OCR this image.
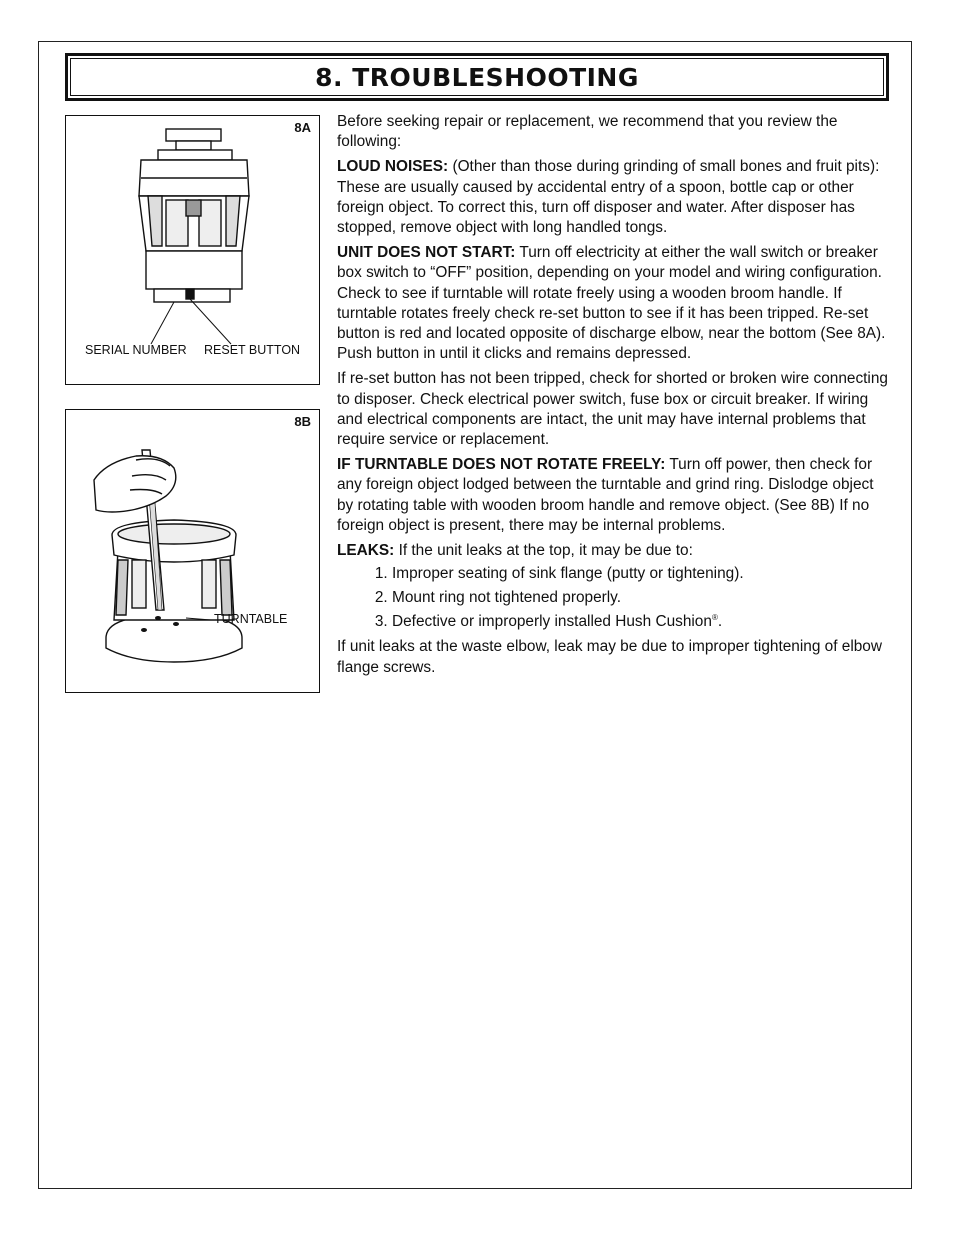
8. TROUBLESHOOTING
8A
SERIAL NUMBER RESET BUTTON
8B
TURNTABLE

Before seeking repair or replacement, we recommend that you review the following:

LOUD NOISES: (Other than those during grinding of small bones and fruit pits): These are usually caused by accidental entry of a spoon, bottle cap or other foreign object. To correct this, turn off disposer and water. After disposer has stopped, remove object with long handled tongs.

UNIT DOES NOT START: Turn off electricity at either the wall switch or breaker box switch to “OFF” position, depending on your model and wiring configuration. Check to see if turntable will rotate freely using a wooden broom handle. If turntable rotates freely check re-set button to see if it has been tripped. Re-set button is red and located opposite of discharge elbow, near the bottom (See 8A). Push button in until it clicks and remains depressed.

If re-set button has not been tripped, check for shorted or broken wire connecting to disposer. Check electrical power switch, fuse box or circuit breaker. If wiring and electrical components are intact, the unit may have internal problems that require service or replacement.

IF TURNTABLE DOES NOT ROTATE FREELY: Turn off power, then check for any foreign object lodged between the turntable and grind ring. Dislodge object by rotating table with wooden broom handle and remove object. (See 8B) If no foreign object is present, there may be internal problems.

LEAKS: If the unit leaks at the top, it may be due to:

1. Improper seating of sink flange (putty or tightening).
2. Mount ring not tightened properly.
3. Defective or improperly installed Hush Cushion®.

If unit leaks at the waste elbow, leak may be due to improper tightening of elbow flange screws.
